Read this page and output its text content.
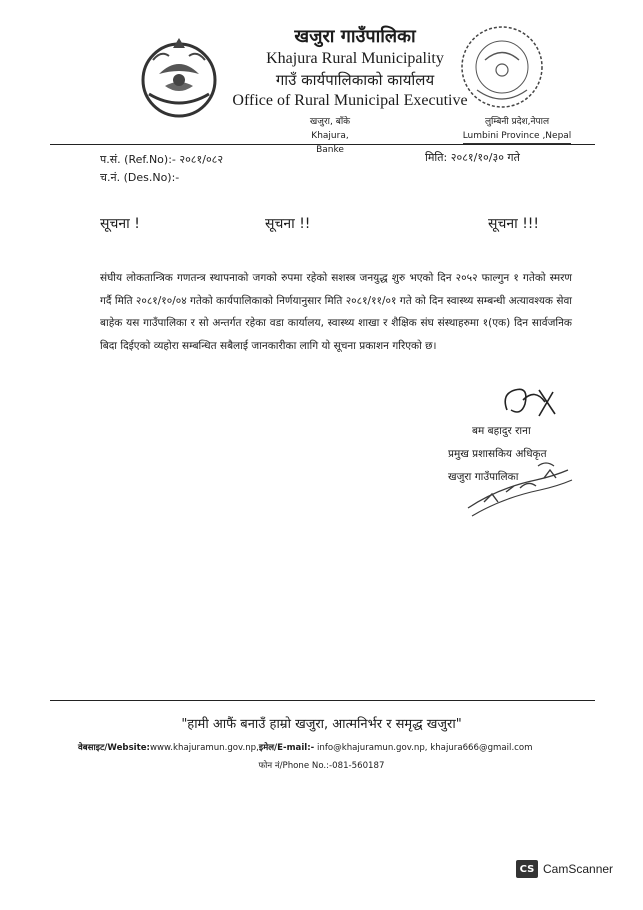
खजुरा गाउँपालिका
Khajura Rural Municipality
गाउँ कार्यपालिकाको कार्यालय
Office of Rural Municipal Executive
खजुरा, बाँके
Khajura, Banke
लुम्बिनी प्रदेश,नेपाल
Lumbini Province ,Nepal
प.सं. (Ref.No):- २०८१/०८२
च.नं. (Des.No):-
मिति: २०८१/१०/३० गते
सूचना !	सूचना !!	सूचना !!!
संघीय लोकतान्त्रिक गणतन्त्र स्थापनाको जगको रुपमा रहेको सशस्त्र जनयुद्ध शुरु भएको दिन २०५२ फाल्गुन १ गतेको स्मरण गर्दै मिति २०८१/१०/०४ गतेको कार्यपालिकाको निर्णयानुसार मिति २०८१/११/०१ गते को दिन स्वास्थ्य सम्बन्धी अत्यावश्यक सेवा बाहेक यस गाउँपालिका र सो अन्तर्गत रहेका वडा कार्यालय, स्वास्थ्य शाखा र शैक्षिक संघ संस्थाहरुमा १(एक) दिन सार्वजनिक बिदा दिईएको व्यहोरा सम्बन्धित सबैलाई जानकारीका लागि यो सूचना प्रकाशन गरिएको छ।
बम बहादुर राना
प्रमुख प्रशासकिय अधिकृत
खजुरा गाउँपालिका
"हामी आफैं बनाउँ हाम्रो खजुरा, आत्मनिर्भर र समृद्ध खजुरा"
वेबसाइट/Website:www.khajuramun.gov.np,इमेल/E-mail:- info@khajuramun.gov.np, khajura666@gmail.com
फोन नं/Phone No.:-081-560187
CS CamScanner
